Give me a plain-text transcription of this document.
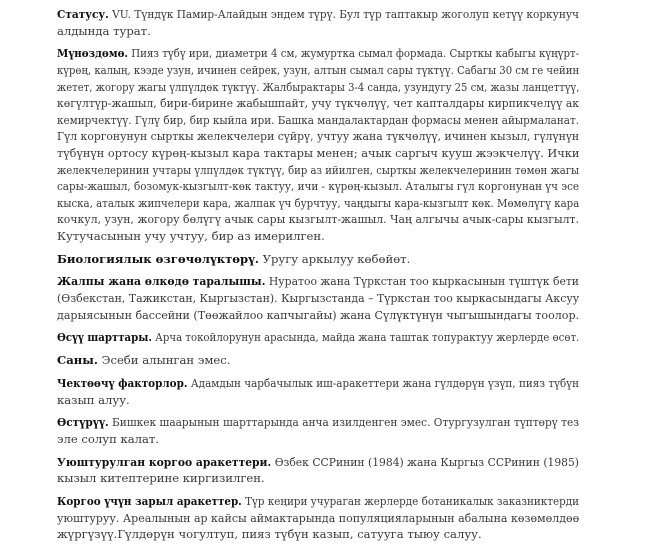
Статусу. VU. Түндүк Памир-Алайдын эндем түрү. Бул түр таптакыр жоголуп кетүү коркунуч
алдында турат.

Мүнөздөмө. Пияз түбү ири, диаметри 4 см, жумуртка сымал формада. Сырткы кабыгы күңүрт-
күрөң, калың, кээде узун, ичинен сейрек, узун, алтын сымал сары түктүү. Сабагы 30 см ге чейин
жетет, жогору жагы үлпүлдөк түктүү. Жалбырактары 3-4 санда, узундугу 25 см, жазы ланцеттүү,
көгүлтүр-жашыл, бири-бирине жабышпайт, учу түкчөлүү, чет капталдары кирпикчелүү ак
кемирчектүү. Гүлү бир, бир кыйла ири. Башка мандалактардан формасы менен айырмаланат.
Гүл коргонунун сырткы желекчелери сүйрү, учтуу жана түкчөлүү, ичинен кызыл, гүлүнүн
түбүнүн ортосу күрөң-кызыл кара тактары менен; ачык саргыч кууш жээкчелүү. Ички
желекчелеринин учтары үлпүлдөк түктүү, бир аз ийилген, сырткы желекчелеринин төмөн жагы
сары-жашыл, бозомук-кызгылт-көк тактуу, ичи - күрөң-кызыл. Аталыгы гүл коргонунан үч эсе
кыска, аталык жипчелери кара, жалпак үч бурчтуу, чаңдыгы кара-кызгылт көк. Мөмөлүгү кара
кочкул, узун, жогору бөлүгү ачык сары кызгылт-жашыл. Чаң алгычы ачык-сары кызгылт.
Кутучасынын учу учтуу, бир аз имерилген.

Биологиялык өзгөчөлүктөрү. Уругу аркылуу көбөйөт.

Жалпы жана өлкөдө таралышы. Нуратоо жана Түркстан тоо кыркасынын түштүк бети
(Өзбекстан, Тажикстан, Кыргызстан). Кыргызстанда – Түркстан тоо кыркасындагы Аксуу
дарыясынын бассейни (Төөжайлоо капчыгайы) жана Сүлүктүнүн чыгышындагы тоолор.

Өсүү шарттары. Арча токойлорунун арасында, майда жана таштак топурактуу жерлерде өсөт.

Саны. Эсеби алынган эмес.

Чектөөчү факторлор. Адамдын чарбачылык иш-аракеттери жана гүлдөрүн үзүп, пияз түбүн
казып алуу.

Өстүрүү. Бишкек шаарынын шарттарында анча изилденген эмес. Отургузулган түптөрү тез
эле солуп калат.

Уюштурулган коргоо аракеттери. Өзбек ССРинин (1984) жана Кыргыз ССРинин (1985)
кызыл китептерине киргизилген.

Коргоо үчүн зарыл аракеттер. Түр кеңири учураган жерлерде ботаникалык заказниктерди
уюштуруу. Ареалынын ар кайсы аймактарында популяцияларынын абалына көзөмөлдөө
жүргүзүү.Гүлдөрүн чогултуп, пияз түбүн казып, сатууга тыюу салуу.
